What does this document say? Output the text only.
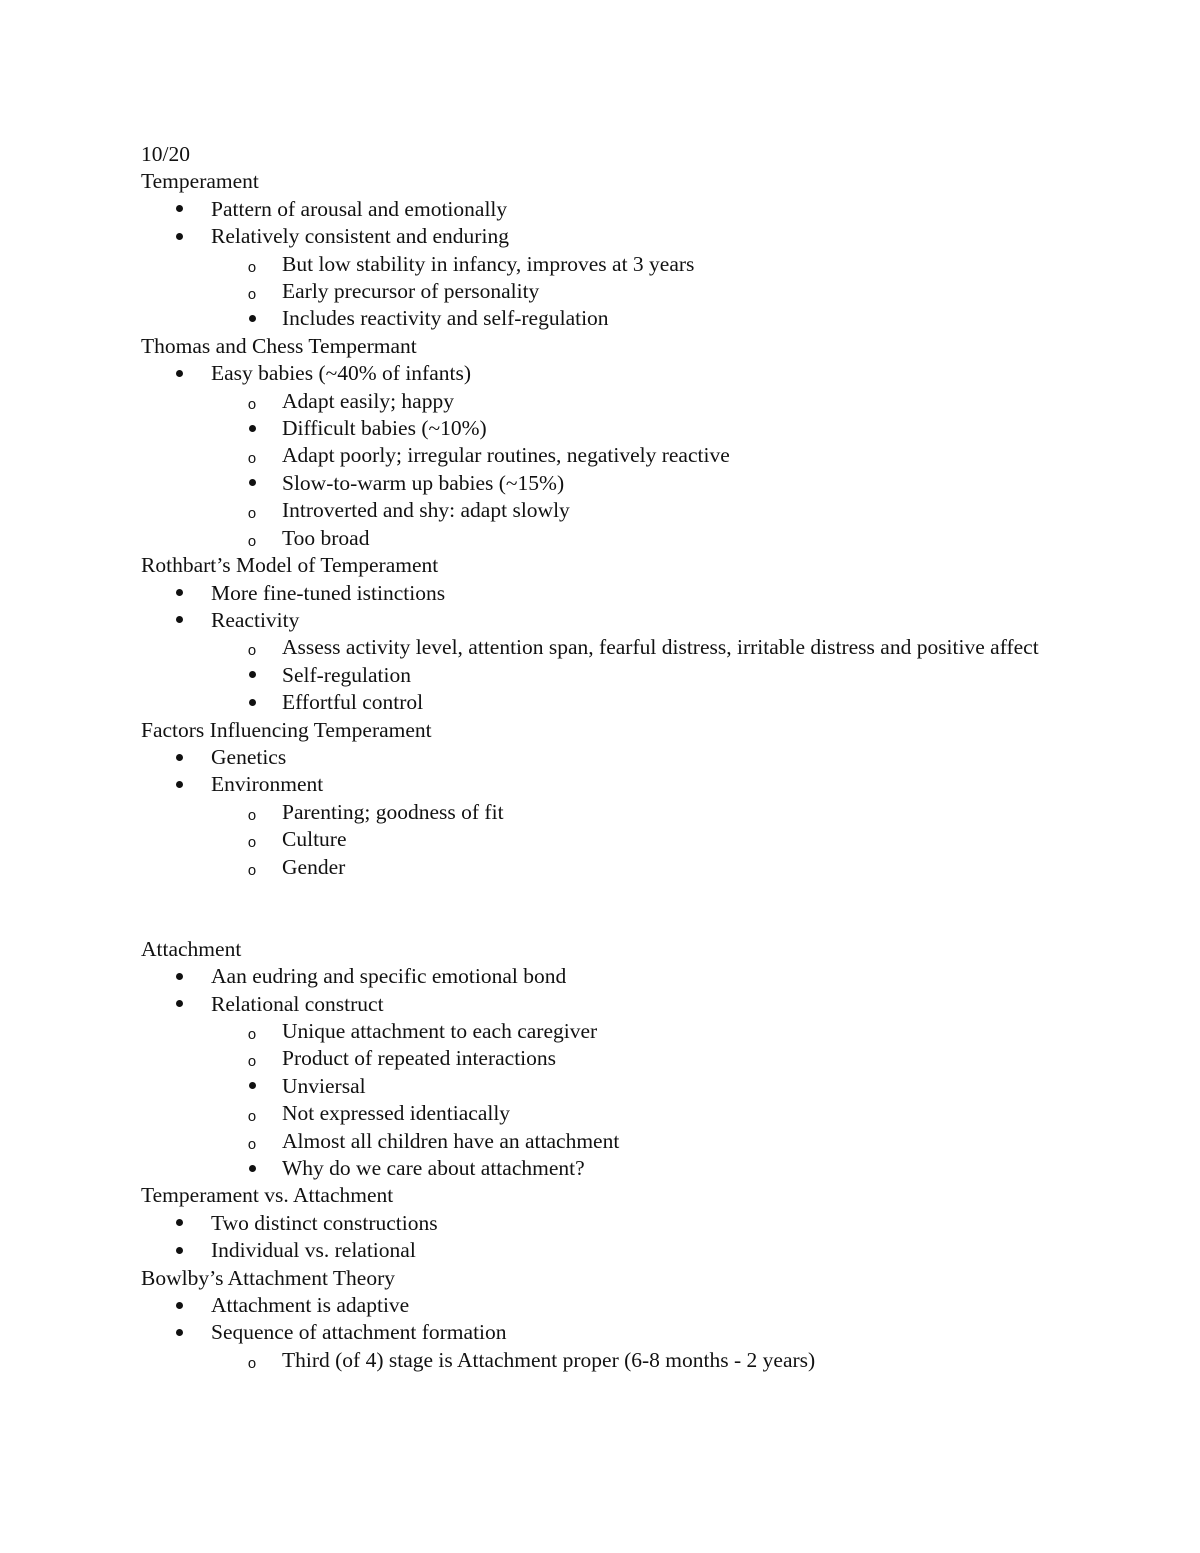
10/20
Temperament
Pattern of arousal and emotionally
Relatively consistent and enduring
o
But low stability in infancy, improves at 3 years
o
Early precursor of personality
Includes reactivity and self-regulation
Thomas and Chess Tempermant
Easy babies (~40% of infants)
o
Adapt easily; happy
Difficult babies (~10%)
o
Adapt poorly; irregular routines, negatively reactive
Slow-to-warm up babies (~15%)
o
Introverted and shy: adapt slowly
o
Too broad
Rothbart’s Model of Temperament
More fine-tuned istinctions
Reactivity
o
Assess activity level, attention span, fearful distress, irritable distress and positive affect
Self-regulation
Effortful control
Factors Influencing Temperament
Genetics
Environment
o
Parenting; goodness of fit
o
Culture
o
Gender
Attachment
Aan eudring and specific emotional bond
Relational construct
o
Unique attachment to each caregiver
o
Product of repeated interactions
Unviersal
o
Not expressed identiacally
o
Almost all children have an attachment
Why do we care about attachment?
Temperament vs. Attachment
Two distinct constructions
Individual vs. relational
Bowlby’s Attachment Theory
Attachment is adaptive
Sequence of attachment formation
o
Third (of 4) stage is Attachment proper (6-8 months - 2 years)
